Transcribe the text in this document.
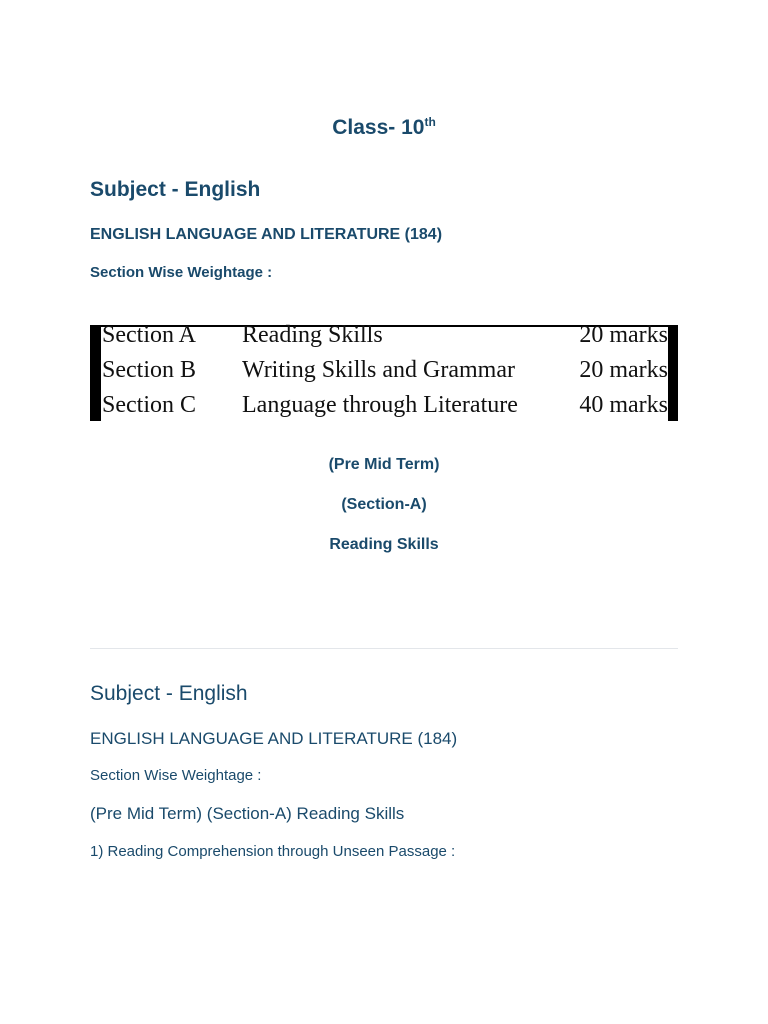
Class- 10th
Subject - English
ENGLISH LANGUAGE AND LITERATURE (184)
Section Wise Weightage :
Section A Reading Skills	20 marks
Section B Writing Skills and Grammar	20 marks
Section C Language through Literature	40 marks
(Pre Mid Term)
(Section-A)
Reading Skills
Subject - English
ENGLISH LANGUAGE AND LITERATURE (184)
Section Wise Weightage :
(Pre Mid Term) (Section-A) Reading Skills
1) Reading Comprehension through Unseen Passage :
